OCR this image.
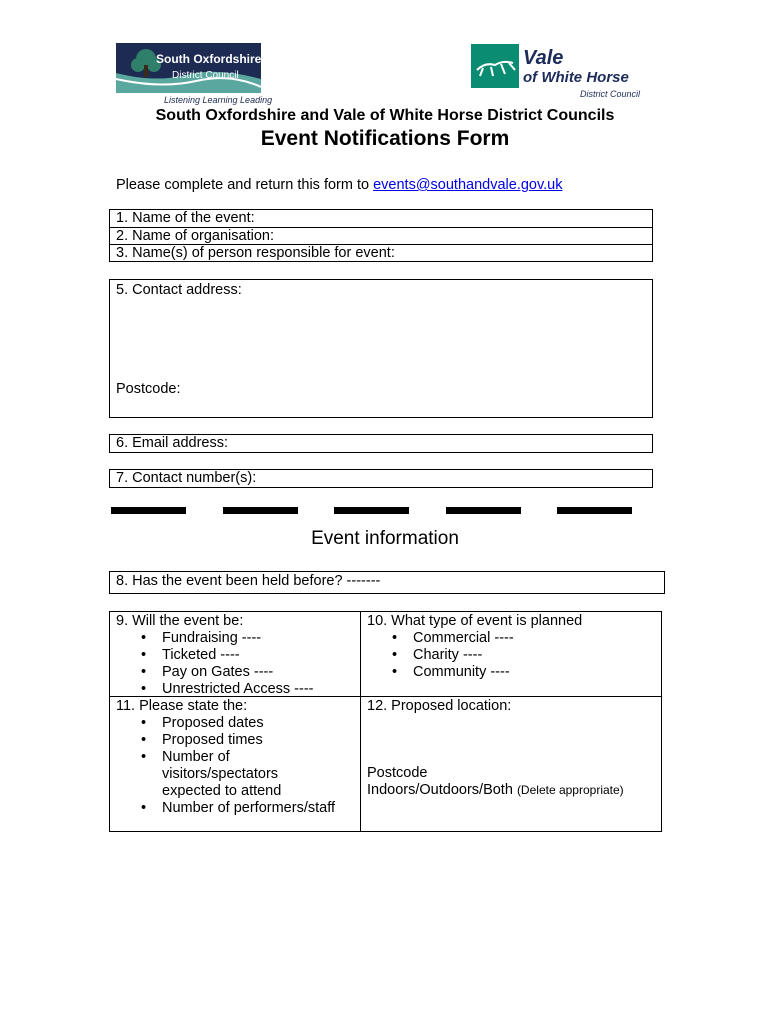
South Oxfordshire
District Council
Listening Learning Leading
Vale
of White Horse
District Council
South Oxfordshire and Vale of White Horse District Councils
Event Notifications Form
Please complete and return this form to events@southandvale.gov.uk
1. Name of the event:
2. Name of organisation:
3. Name(s) of person responsible for event:
5. Contact address:
Postcode:
6. Email address:
7. Contact number(s):
Event information
8. Has the event been held before? -------
9. Will the event be:
• Fundraising ----
• Ticketed ----
• Pay on Gates ----
• Unrestricted Access ----
10. What type of event is planned
• Commercial ----
• Charity ----
• Community ----
11. Please state the:
• Proposed dates
• Proposed times
• Number of visitors/spectators expected to attend
• Number of performers/staff
12. Proposed location:
Postcode
Indoors/Outdoors/Both (Delete appropriate)
